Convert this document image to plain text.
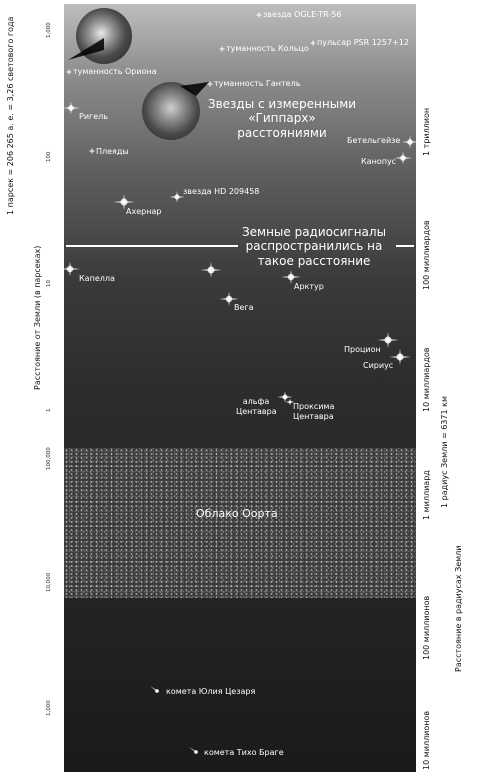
Расстояние от Земли (в парсеках)
1 парсек = 206 265 а. е. = 3,26 светового года	1,000
100
10
1
100,000
10,000
1,000
1 триллион
100 миллиардов
10 миллиардов
1 миллиард
100 миллионов
10 миллионов
1 радиус Земли = 6371 км
Расстояние в радиусах Земли
звезда OGLE-TR-56
пульсар PSR 1257+12
туманность Кольцо
туманность Ориона
туманность Гантель
Ригель
Плеяды
Бетельгейзе
Канопус
звезда HD 209458
Ахернар
Капелла
Арктур
Вега
Процион
Сириус
альфа Центавра
Проксима Центавра
Облако Оорта
комета Юлия Цезаря
комета Тихо Браге
Звезды с измеренными «Гиппарх» расстояниями
Земные радиосигналы распространились на такое расстояние
